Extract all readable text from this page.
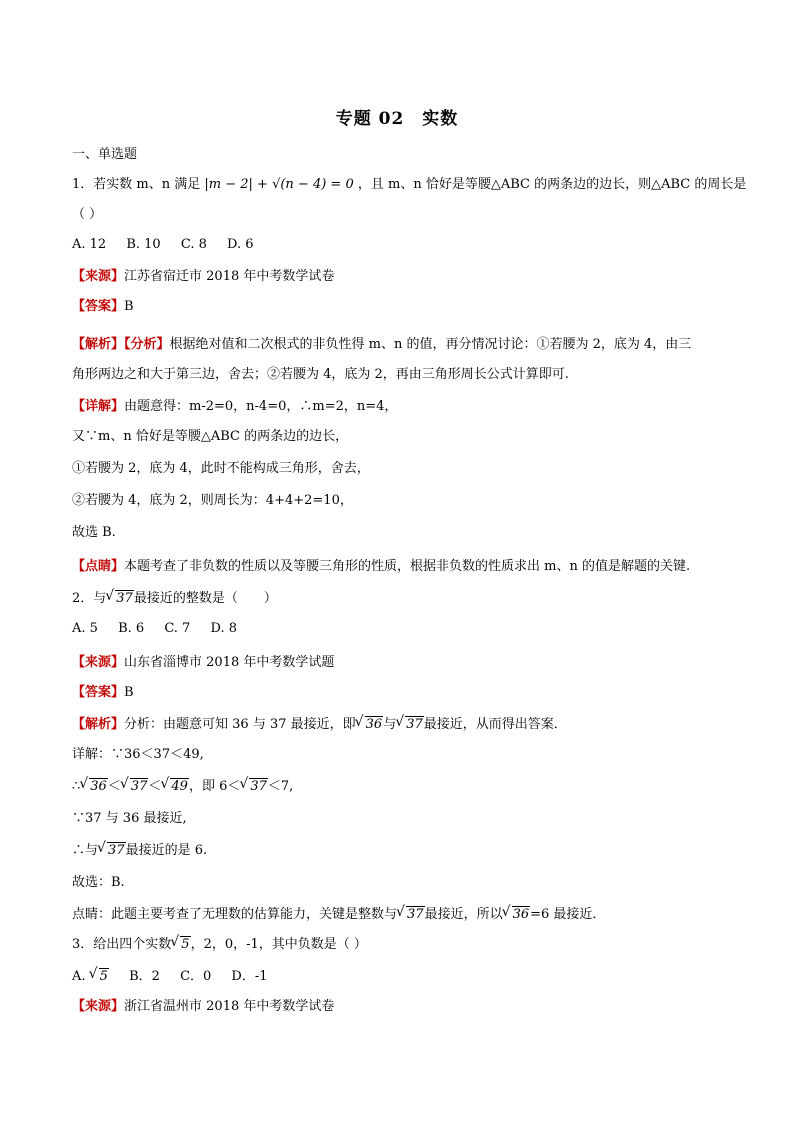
专题 02　实数
一、单选题
1．若实数 m、n 满足 |m − 2| + √(n − 4) = 0 ，且 m、n 恰好是等腰△ABC 的两条边的边长，则△ABC 的周长是
（ ）
A. 12 B. 10 C. 8 D. 6
【来源】江苏省宿迁市 2018 年中考数学试卷
【答案】B
【解析】【分析】根据绝对值和二次根式的非负性得 m、n 的值，再分情况讨论：①若腰为 2，底为 4，由三
角形两边之和大于第三边，舍去；②若腰为 4，底为 2，再由三角形周长公式计算即可.
【详解】由题意得：m-2=0，n-4=0，∴m=2，n=4，
又∵m、n 恰好是等腰△ABC 的两条边的边长，
①若腰为 2，底为 4，此时不能构成三角形，舍去，
②若腰为 4，底为 2，则周长为：4+4+2=10，
故选 B.
【点睛】本题考查了非负数的性质以及等腰三角形的性质，根据非负数的性质求出 m、n 的值是解题的关键.
2．与 √ 37最接近的整数是（　　）
A. 5 B. 6 C. 7 D. 8
【来源】山东省淄博市 2018 年中考数学试题
【答案】B
【解析】分析：由题意可知 36 与 37 最接近，即 √ 36与 √ 37最接近，从而得出答案．
详解：∵36＜37＜49,
∴ √ 36＜ √ 37＜ √ 49，即 6＜ √ 37＜7,
∵37 与 36 最接近,
∴与 √ 37最接近的是 6.
故选：B.
点睛：此题主要考查了无理数的估算能力，关键是整数与 √ 37最接近，所以 √ 36=6 最接近．
3．给出四个实数 √ 5，2，0，-1，其中负数是（ ）
A. √ 5 B．2 C．0 D．-1
【来源】浙江省温州市 2018 年中考数学试卷
